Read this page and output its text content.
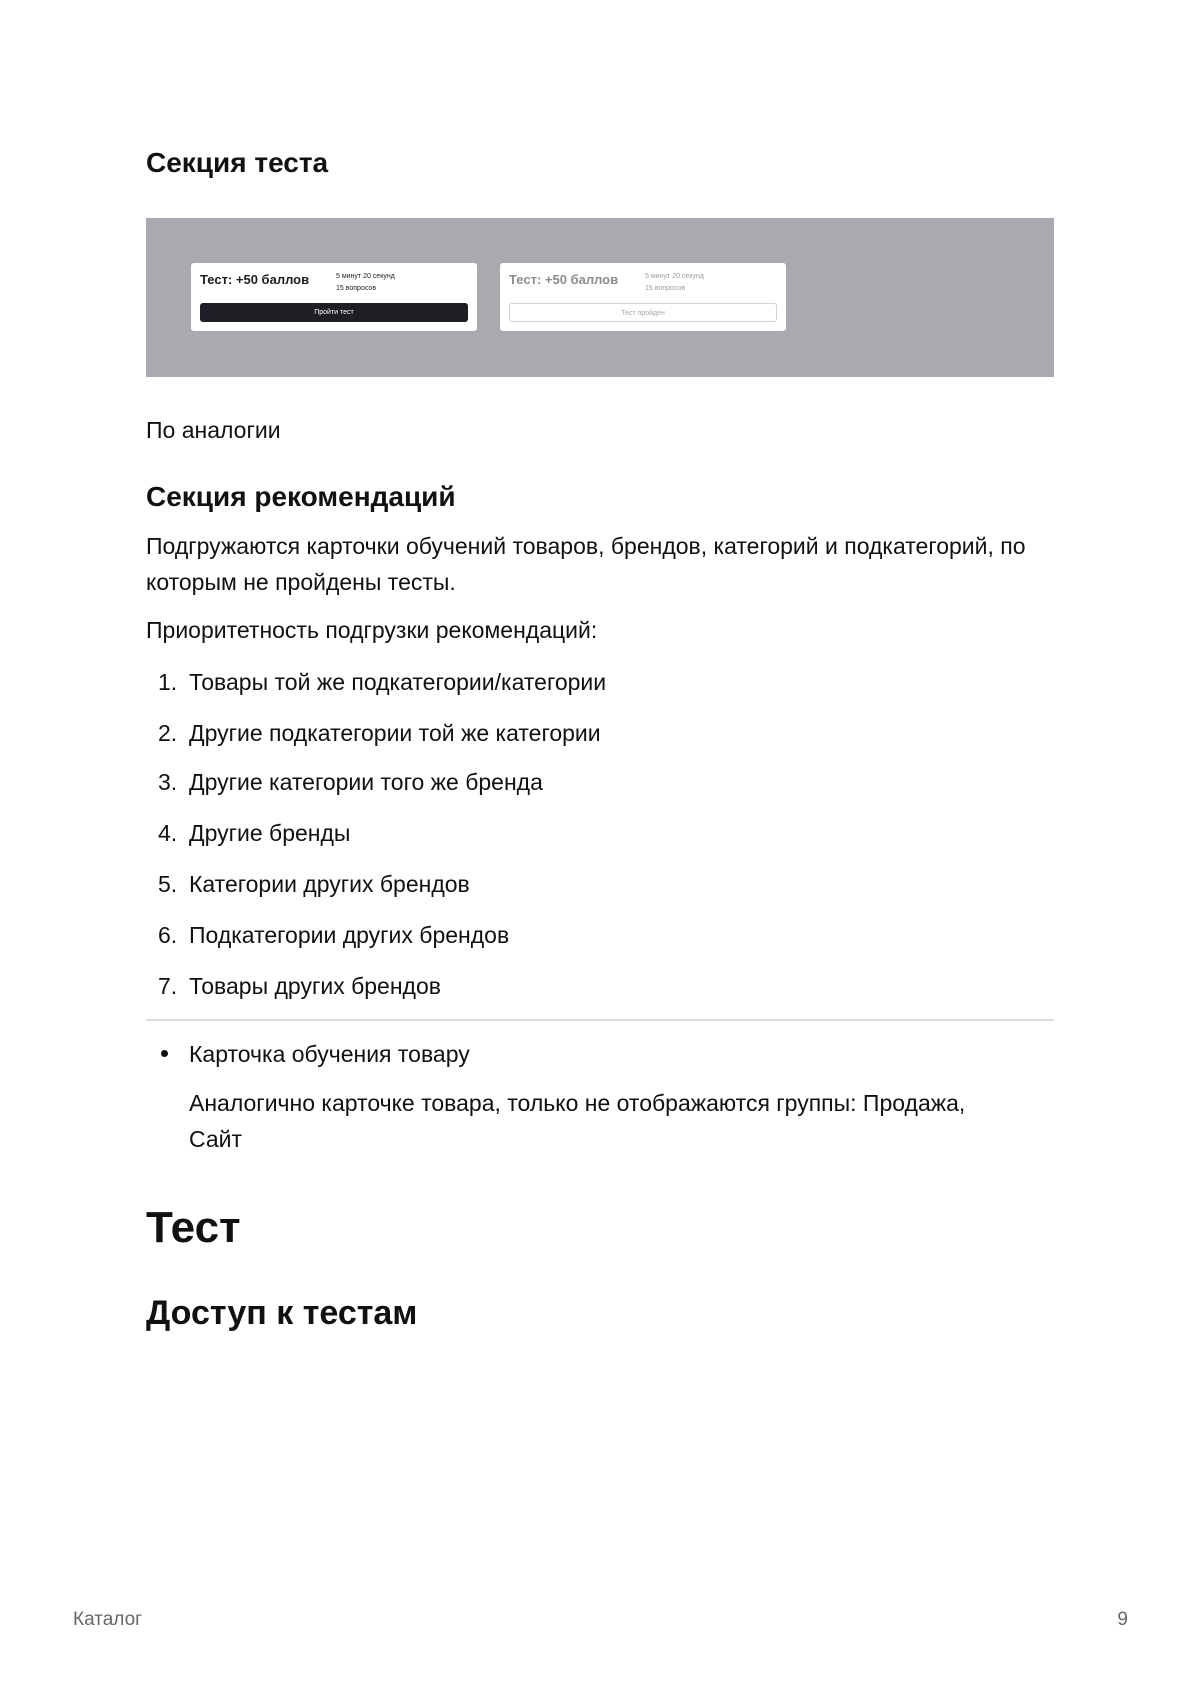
Секция теста
Тест: +50 баллов	5 минут 20 секунд
15 вопросов
Пройти тест
Тест: +50 баллов	5 минут 20 секунд
15 вопросов
Тест пройден

По аналогии

Секция рекомендаций

Подгружаются карточки обучений товаров, брендов, категорий и подкатегорий, по которым не пройдены тесты.

Приоритетность подгрузки рекомендаций:

1. Товары той же подкатегории/категории
2. Другие подкатегории той же категории
3. Другие категории того же бренда
4. Другие бренды
5. Категории других брендов
6. Подкатегории других брендов
7. Товары других брендов

Карточка обучения товару

Аналогично карточке товара, только не отображаются группы: Продажа, Сайт

Тест
Доступ к тестам
Каталог	9
